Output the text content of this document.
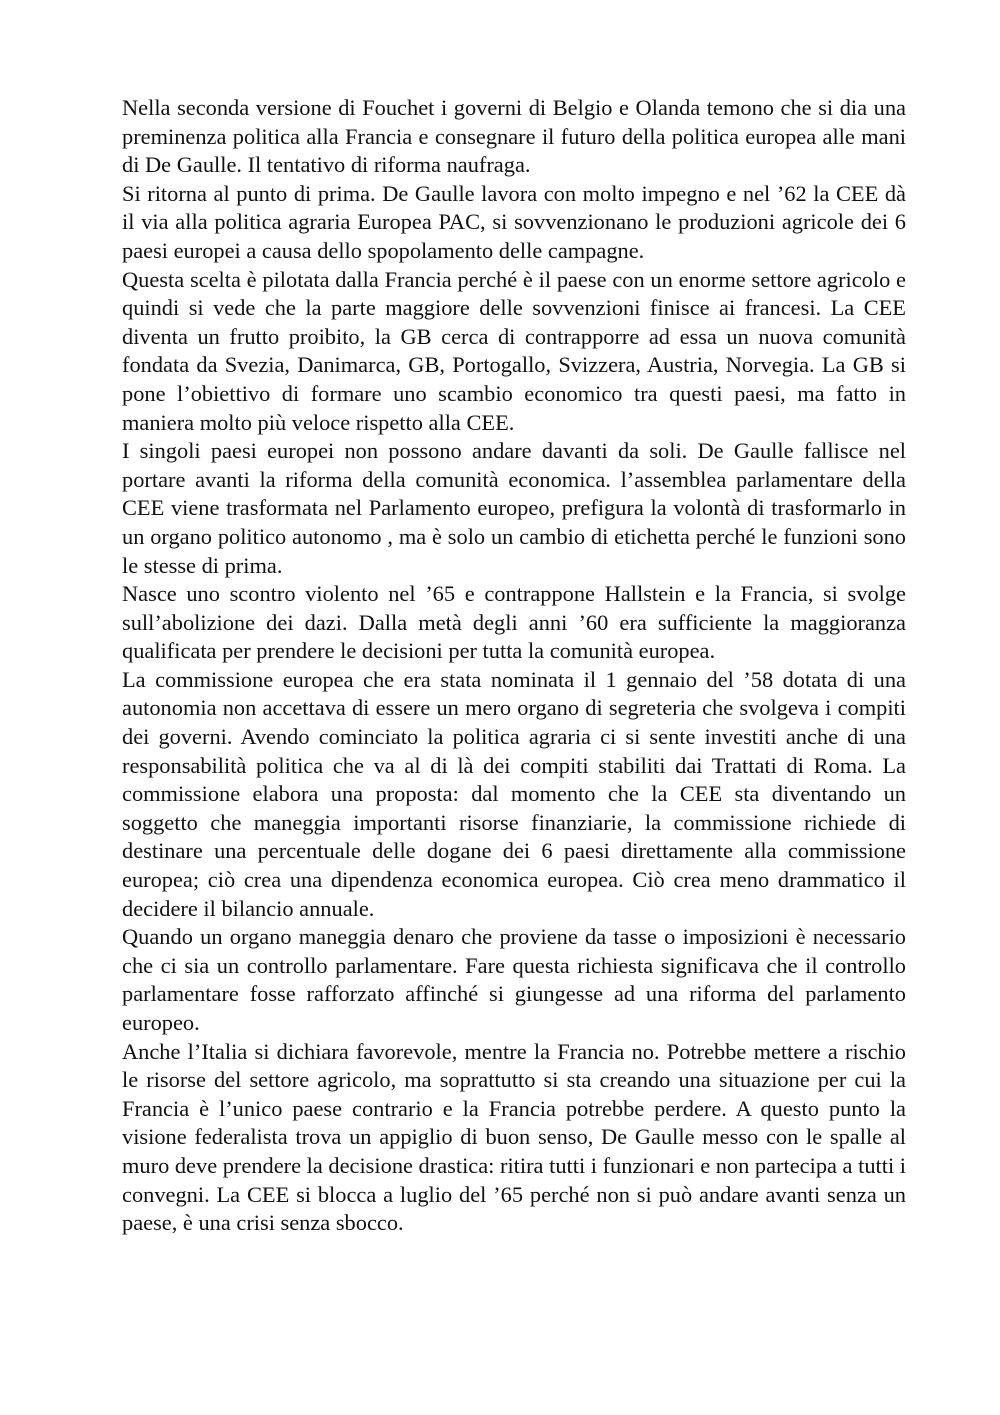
Nella seconda versione di Fouchet i governi di Belgio e Olanda temono che si dia una preminenza politica alla Francia e consegnare il futuro della politica europea alle mani di De Gaulle. Il tentativo di riforma naufraga.

Si ritorna al punto di prima. De Gaulle lavora con molto impegno e nel ’62 la CEE dà il via alla politica agraria Europea PAC, si sovvenzionano le produzioni agricole dei 6 paesi europei a causa dello spopolamento delle campagne.

Questa scelta è pilotata dalla Francia perché è il paese con un enorme settore agricolo e quindi si vede che la parte maggiore delle sovvenzioni finisce ai francesi. La CEE diventa un frutto proibito, la GB cerca di contrapporre ad essa un nuova comunità fondata da Svezia, Danimarca, GB, Portogallo, Svizzera, Austria, Norvegia. La GB si pone l’obiettivo di formare uno scambio economico tra questi paesi, ma fatto in maniera molto più veloce rispetto alla CEE.

I singoli paesi europei non possono andare davanti da soli. De Gaulle fallisce nel portare avanti la riforma della comunità economica. l’assemblea parlamentare della CEE viene trasformata nel Parlamento europeo, prefigura la volontà di trasformarlo in un organo politico autonomo , ma è solo un cambio di etichetta perché le funzioni sono le stesse di prima.

Nasce uno scontro violento nel ’65 e contrappone Hallstein e la Francia, si svolge sull’abolizione dei dazi. Dalla metà degli anni ’60 era sufficiente la maggioranza qualificata per prendere le decisioni per tutta la comunità europea.

La commissione europea che era stata nominata il 1 gennaio del ’58 dotata di una autonomia non accettava di essere un mero organo di segreteria che svolgeva i compiti dei governi. Avendo cominciato la politica agraria ci si sente investiti anche di una responsabilità politica che va al di là dei compiti stabiliti dai Trattati di Roma. La commissione elabora una proposta: dal momento che la CEE sta diventando un soggetto che maneggia importanti risorse finanziarie, la commissione richiede di destinare una percentuale delle dogane dei 6 paesi direttamente alla commissione europea; ciò crea una dipendenza economica europea. Ciò crea meno drammatico il decidere il bilancio annuale.

Quando un organo maneggia denaro che proviene da tasse o imposizioni è necessario che ci sia un controllo parlamentare. Fare questa richiesta significava che il controllo parlamentare fosse rafforzato affinché si giungesse ad una riforma del parlamento europeo.

Anche l’Italia si dichiara favorevole, mentre la Francia no. Potrebbe mettere a rischio le risorse del settore agricolo, ma soprattutto si sta creando una situazione per cui la Francia è l’unico paese contrario e la Francia potrebbe perdere. A questo punto la visione federalista trova un appiglio di buon senso, De Gaulle messo con le spalle al muro deve prendere la decisione drastica: ritira tutti i funzionari e non partecipa a tutti i convegni. La CEE si blocca a luglio del ’65 perché non si può andare avanti senza un paese, è una crisi senza sbocco.
